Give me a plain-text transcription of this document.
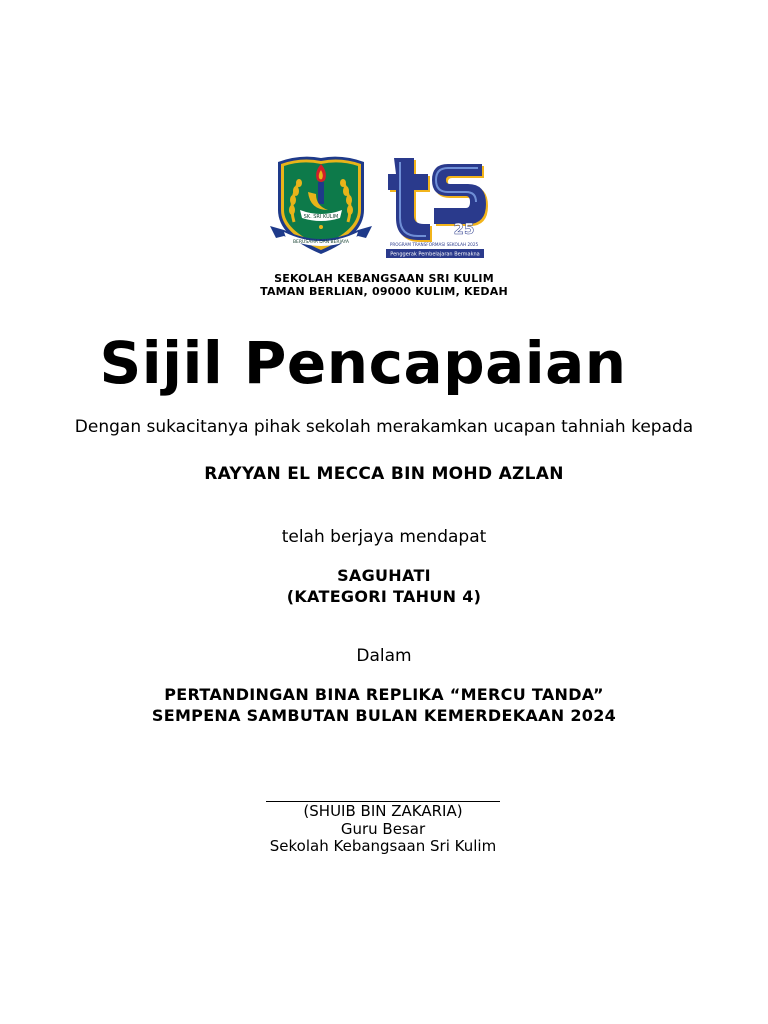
SK. SRI KULIM
BERUSAHA DAN BERJAYA
25
PROGRAM TRANSFORMASI SEKOLAH 2025
Penggerak Pembelajaran Bermakna
SEKOLAH KEBANGSAAN SRI KULIM
TAMAN BERLIAN, 09000 KULIM, KEDAH
Sijil Pencapaian
Dengan sukacitanya pihak sekolah merakamkan ucapan tahniah kepada
RAYYAN EL MECCA BIN MOHD AZLAN
telah berjaya mendapat
SAGUHATI
(KATEGORI TAHUN 4)
Dalam
PERTANDINGAN BINA REPLIKA “MERCU TANDA”
SEMPENA SAMBUTAN BULAN KEMERDEKAAN 2024
(SHUIB BIN ZAKARIA)
Guru Besar
Sekolah Kebangsaan Sri Kulim
